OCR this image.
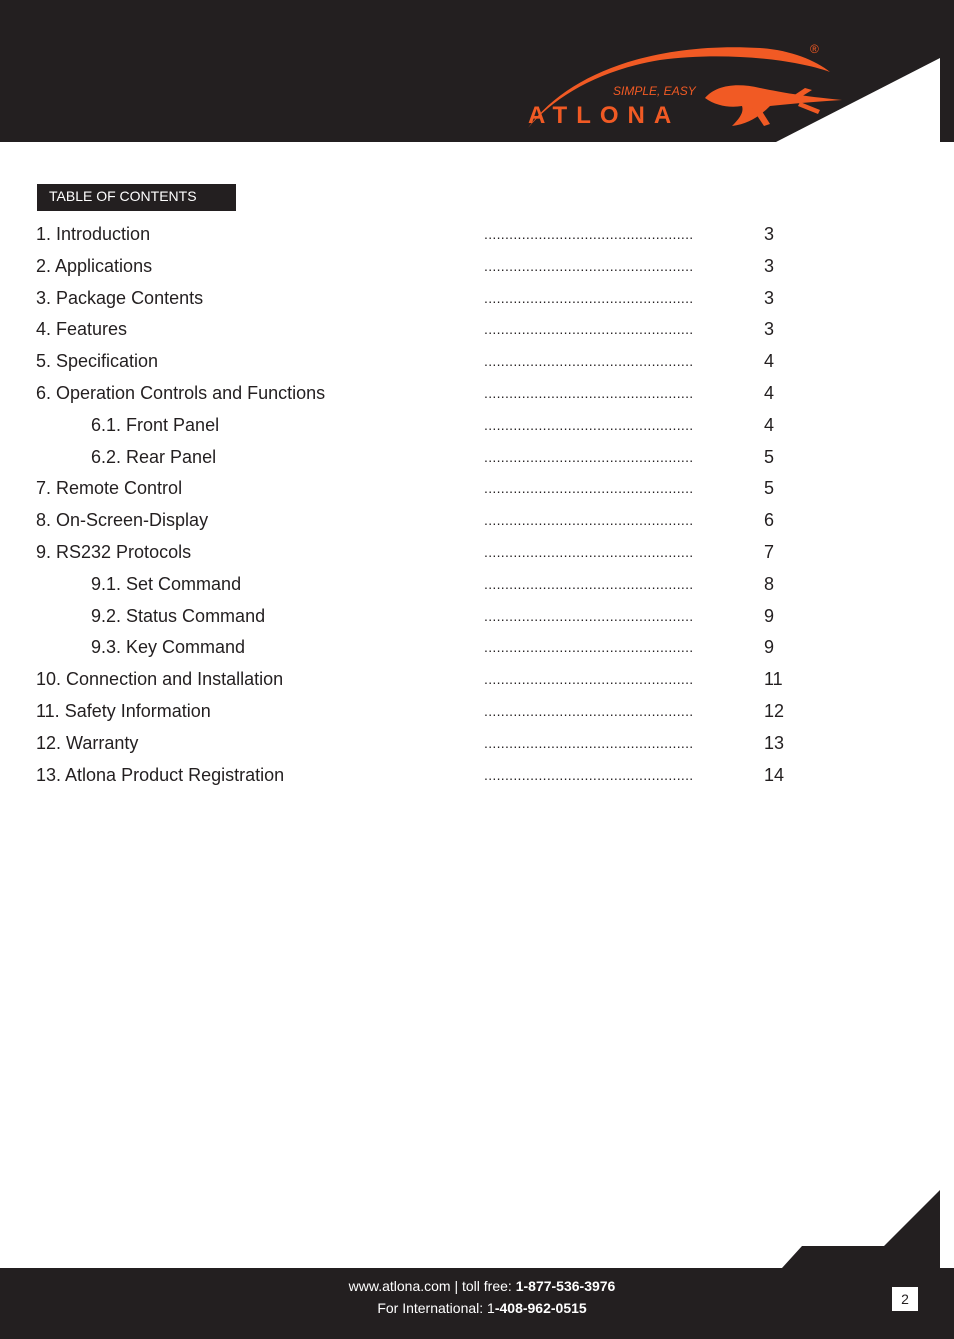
SIMPLE, EASY
ATLONA
®
TABLE OF CONTENTS
1. Introduction	..................................................	3
2. Applications	..................................................	3
3. Package Contents	..................................................	3
4. Features	..................................................	3
5. Specification	..................................................	4
6. Operation Controls and Functions	..................................................	4
6.1. Front Panel	..................................................	4
6.2. Rear Panel	..................................................	5
7. Remote Control	..................................................	5
8. On-Screen-Display	..................................................	6
9. RS232 Protocols	..................................................	7
9.1. Set Command	..................................................	8
9.2. Status Command	..................................................	9
9.3. Key Command	..................................................	9
10. Connection and Installation	..................................................	11
11. Safety Information	..................................................	12
12. Warranty	..................................................	13
13. Atlona Product Registration	..................................................	14
www.atlona.com | toll free: 1-877-536-3976
For International: 1-408-962-0515
2
